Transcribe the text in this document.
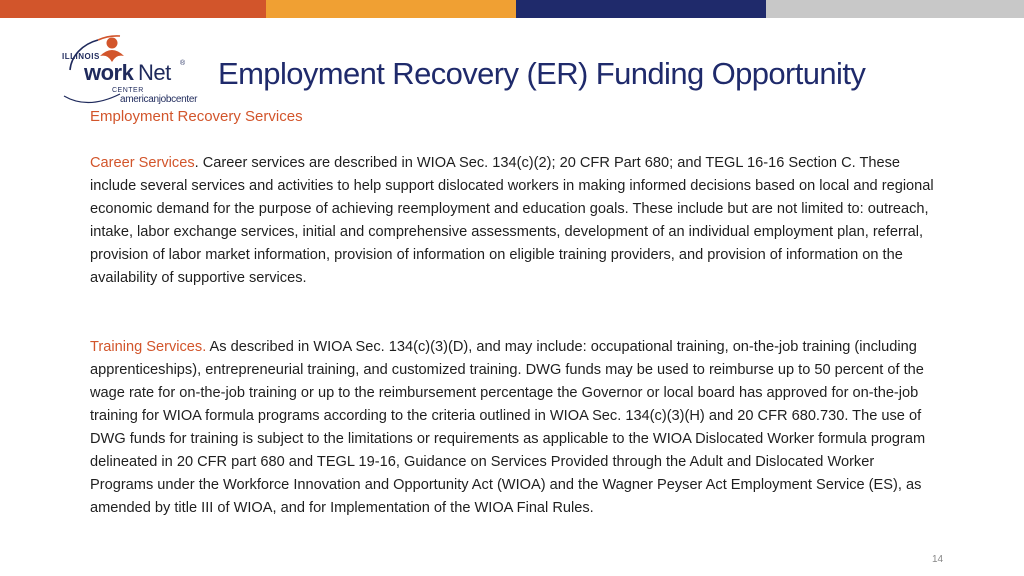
ILLINOIS
work Net ®
CENTER
americanjobcenter
Employment Recovery (ER) Funding Opportunity
Employment Recovery Services

Career Services. Career services are described in WIOA Sec. 134(c)(2); 20 CFR Part 680; and TEGL 16-16 Section C. These include several services and activities to help support dislocated workers in making informed decisions based on local and regional economic demand for the purpose of achieving reemployment and education goals. These include but are not limited to: outreach, intake, labor exchange services, initial and comprehensive assessments, development of an individual employment plan, referral, provision of labor market information, provision of information on eligible training providers, and provision of information on the availability of supportive services.

Training Services. As described in WIOA Sec. 134(c)(3)(D), and may include: occupational training, on-the-job training (including apprenticeships), entrepreneurial training, and customized training. DWG funds may be used to reimburse up to 50 percent of the wage rate for on-the-job training or up to the reimbursement percentage the Governor or local board has approved for on-the-job training for WIOA formula programs according to the criteria outlined in WIOA Sec. 134(c)(3)(H) and 20 CFR 680.730. The use of DWG funds for training is subject to the limitations or requirements as applicable to the WIOA Dislocated Worker formula program delineated in 20 CFR part 680 and TEGL 19-16, Guidance on Services Provided through the Adult and Dislocated Worker Programs under the Workforce Innovation and Opportunity Act (WIOA) and the Wagner Peyser Act Employment Service (ES), as amended by title III of WIOA, and for Implementation of the WIOA Final Rules.

14
